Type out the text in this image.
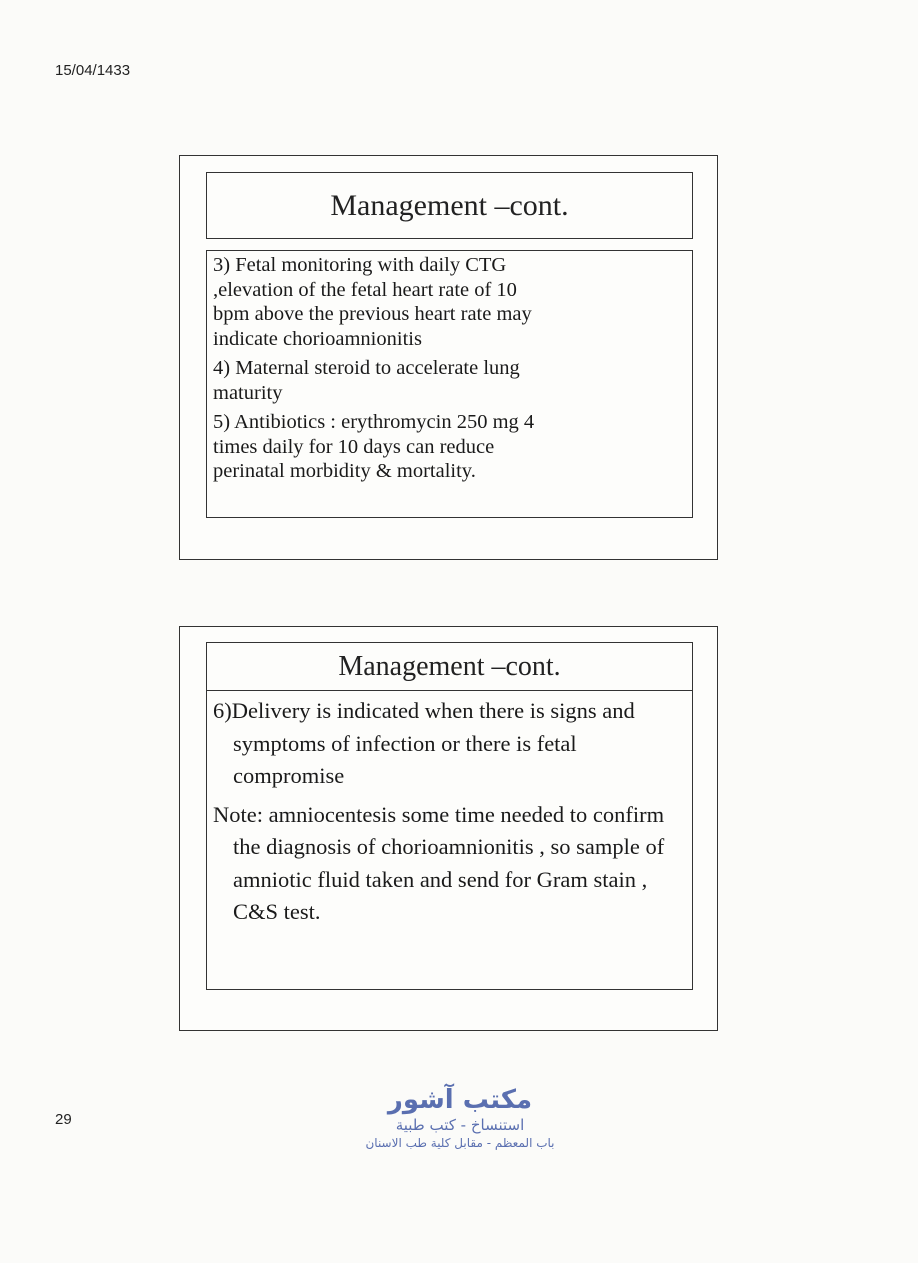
15/04/1433
Management –cont.

3) Fetal monitoring with daily CTG
,elevation of the fetal heart rate of 10
bpm above the previous heart rate may
indicate chorioamnionitis

4) Maternal steroid to accelerate lung
maturity

5) Antibiotics : erythromycin 250 mg 4
times daily for 10 days can reduce
perinatal morbidity & mortality.

Management –cont.

6)Delivery is indicated when there is signs and symptoms of infection or there is fetal compromise

Note: amniocentesis some time needed to confirm the diagnosis of chorioamnionitis , so sample of amniotic fluid taken and send for Gram stain , C&S test.

29
مكتب آشور
استنساخ - كتب طبية
باب المعظم - مقابل كلية طب الاسنان
